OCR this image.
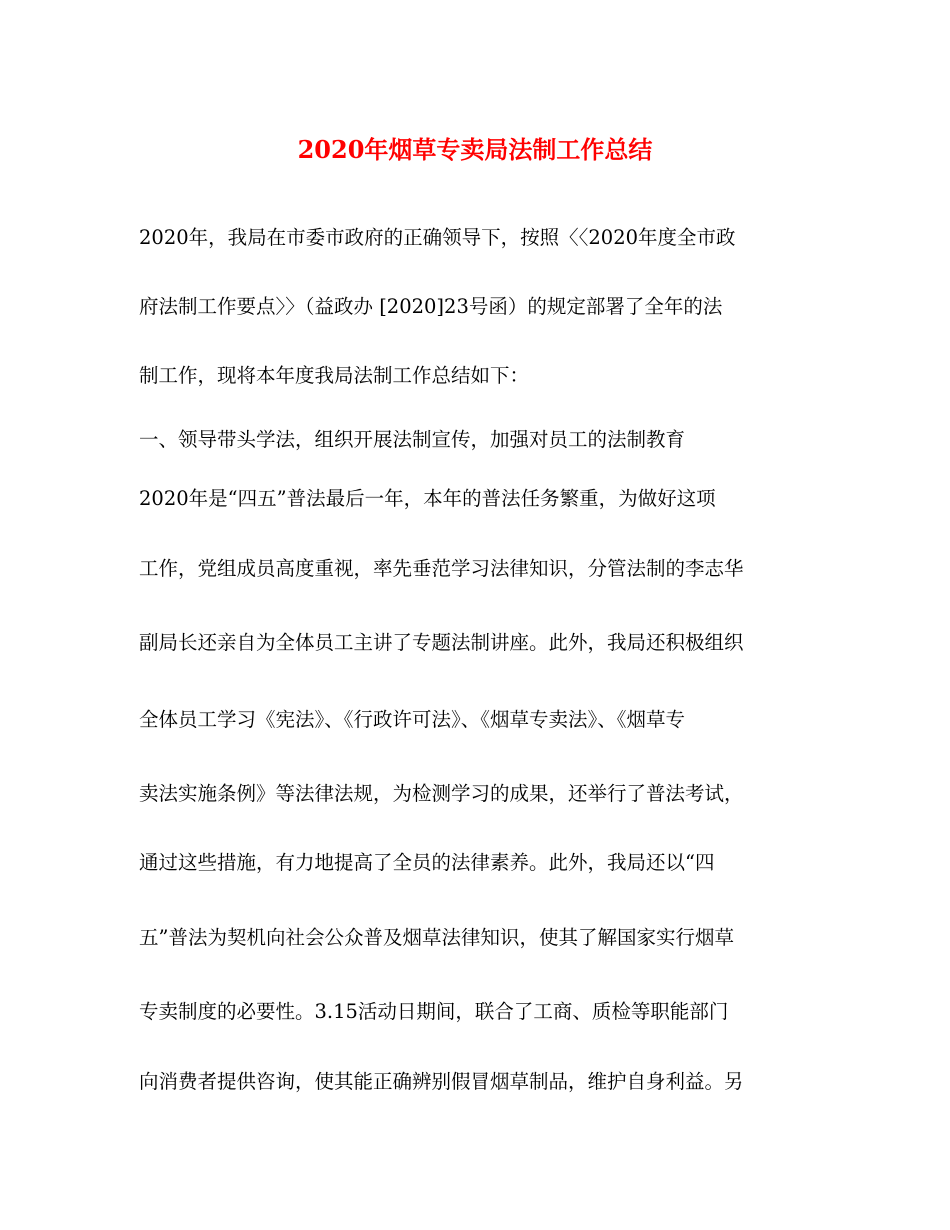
2020年烟草专卖局法制工作总结
2020年，我局在市委市政府的正确领导下，按照〈〈2020年度全市政
府法制工作要点〉〉（益政办 [2020]23号函）的规定部署了全年的法
制工作，现将本年度我局法制工作总结如下：
一、领导带头学法，组织开展法制宣传，加强对员工的法制教育
2020年是“四五”普法最后一年，本年的普法任务繁重，为做好这项
工作，党组成员高度重视，率先垂范学习法律知识，分管法制的李志华
副局长还亲自为全体员工主讲了专题法制讲座。此外，我局还积极组织
全体员工学习《宪法》、《行政许可法》、《烟草专卖法》、《烟草专
卖法实施条例》等法律法规，为检测学习的成果，还举行了普法考试，
通过这些措施，有力地提高了全员的法律素养。此外，我局还以“四
五”普法为契机向社会公众普及烟草法律知识，使其了解国家实行烟草
专卖制度的必要性。3.15活动日期间，联合了工商、质检等职能部门
向消费者提供咨询，使其能正确辨别假冒烟草制品，维护自身利益。另
